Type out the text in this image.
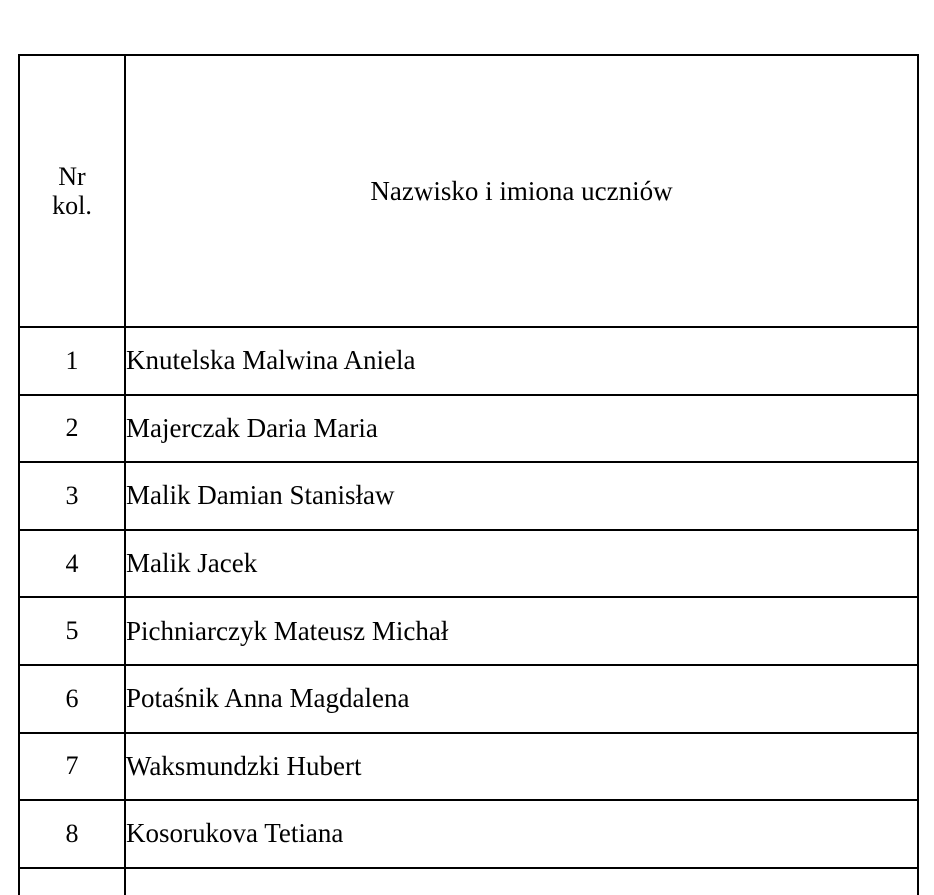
Nr
kol.	Nazwisko i imiona uczniów
1	Knutelska Malwina Aniela
2	Majerczak Daria Maria
3	Malik Damian Stanisław
4	Malik Jacek
5	Pichniarczyk Mateusz Michał
6	Potaśnik Anna Magdalena
7	Waksmundzki Hubert
8	Kosorukova Tetiana
